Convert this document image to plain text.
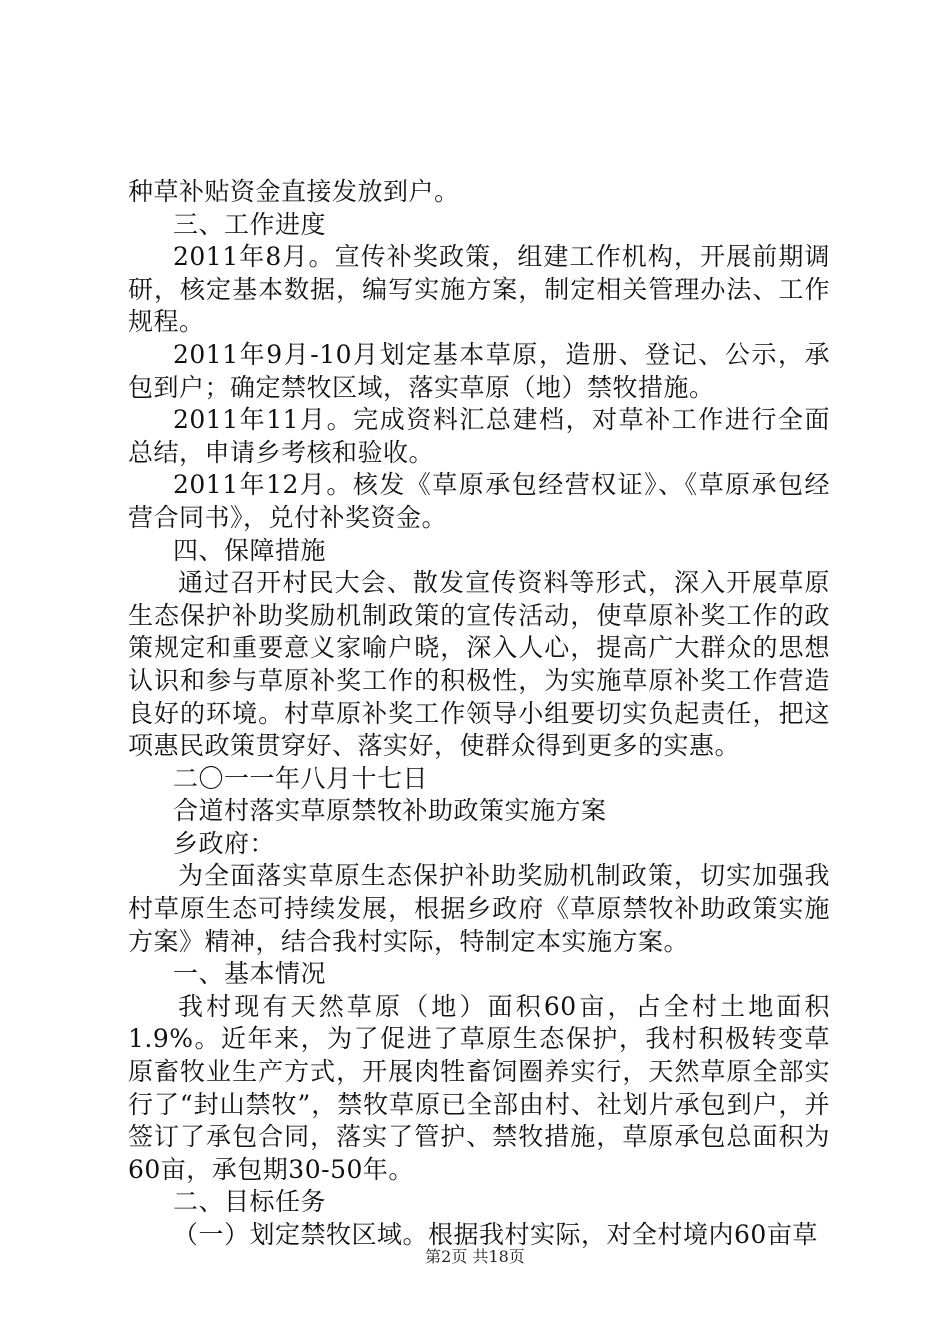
种草补贴资金直接发放到户。

三、工作进度

2011年8月。宣传补奖政策，组建工作机构，开展前期调研，核定基本数据，编写实施方案，制定相关管理办法、工作规程。

2011年9月-10月划定基本草原，造册、登记、公示，承包到户；确定禁牧区域，落实草原（地）禁牧措施。

2011年11月。完成资料汇总建档，对草补工作进行全面总结，申请乡考核和验收。

2011年12月。核发《草原承包经营权证》、《草原承包经营合同书》，兑付补奖资金。

四、保障措施

通过召开村民大会、散发宣传资料等形式，深入开展草原生态保护补助奖励机制政策的宣传活动，使草原补奖工作的政策规定和重要意义家喻户晓，深入人心，提高广大群众的思想认识和参与草原补奖工作的积极性，为实施草原补奖工作营造良好的环境。村草原补奖工作领导小组要切实负起责任，把这项惠民政策贯穿好、落实好，使群众得到更多的实惠。

二〇一一年八月十七日

合道村落实草原禁牧补助政策实施方案

乡政府：

为全面落实草原生态保护补助奖励机制政策，切实加强我村草原生态可持续发展，根据乡政府《草原禁牧补助政策实施方案》精神，结合我村实际，特制定本实施方案。

一、基本情况

我村现有天然草原（地）面积60亩，占全村土地面积1.9%。近年来，为了促进了草原生态保护，我村积极转变草原畜牧业生产方式，开展肉牲畜饲圈养实行，天然草原全部实行了“封山禁牧”，禁牧草原已全部由村、社划片承包到户，并签订了承包合同，落实了管护、禁牧措施，草原承包总面积为60亩，承包期30-50年。

二、目标任务

（一）划定禁牧区域。根据我村实际，对全村境内60亩草

第2页 共18页
